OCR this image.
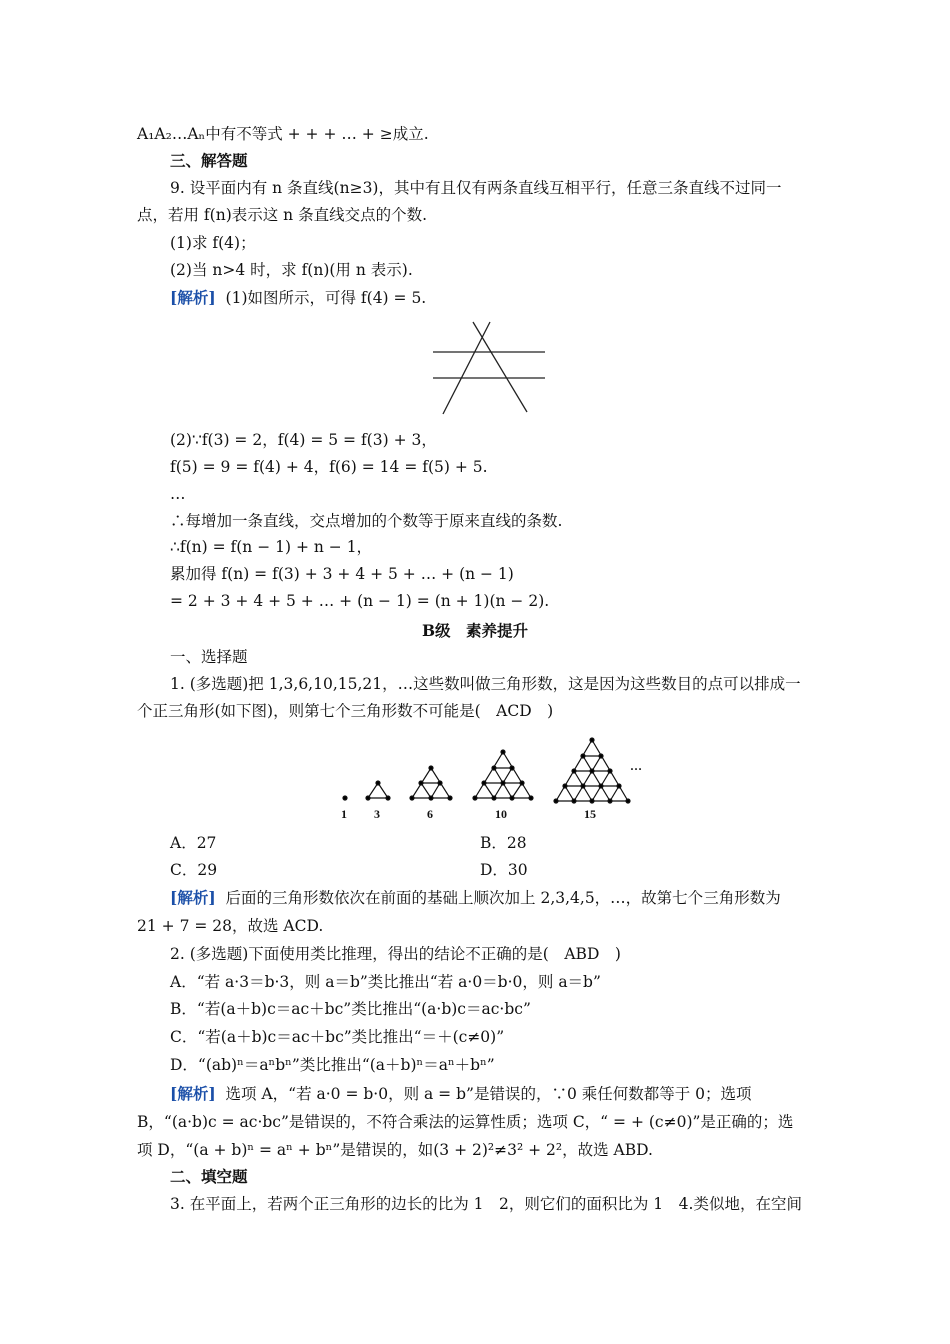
A₁A₂…Aₙ中有不等式 + + + … + ≥成立.
三、解答题
9. 设平面内有 n 条直线(n≥3)，其中有且仅有两条直线互相平行，任意三条直线不过同一
点，若用 f(n)表示这 n 条直线交点的个数.
(1)求 f(4)；
(2)当 n>4 时，求 f(n)(用 n 表示).
[解析] (1)如图所示，可得 f(4) = 5.
(2)∵f(3) = 2，f(4) = 5 = f(3) + 3，
f(5) = 9 = f(4) + 4，f(6) = 14 = f(5) + 5.
…
∴每增加一条直线，交点增加的个数等于原来直线的条数.
∴f(n) = f(n − 1) + n − 1，
累加得 f(n) = f(3) + 3 + 4 + 5 + … + (n − 1)
= 2 + 3 + 4 + 5 + … + (n − 1) = (n + 1)(n − 2).
B级　素养提升
一、选择题
1. (多选题)把 1,3,6,10,15,21，…这些数叫做三角形数，这是因为这些数目的点可以排成一
个正三角形(如下图)，则第七个三角形数不可能是(　ACD　)
1 3	6	10	15
…
A．27	B．28
C．29	D．30
[解析] 后面的三角形数依次在前面的基础上顺次加上 2,3,4,5，…，故第七个三角形数为
21 + 7 = 28，故选 ACD.
2. (多选题)下面使用类比推理，得出的结论不正确的是(　ABD　)
A．“若 a·3＝b·3，则 a＝b”类比推出“若 a·0＝b·0，则 a＝b”
B．“若(a＋b)c＝ac＋bc”类比推出“(a·b)c＝ac·bc”
C．“若(a＋b)c＝ac＋bc”类比推出“＝＋(c≠0)”
D．“(ab)ⁿ＝aⁿbⁿ”类比推出“(a＋b)ⁿ＝aⁿ＋bⁿ”
[解析] 选项 A，“若 a·0 = b·0，则 a = b”是错误的，∵0 乘任何数都等于 0；选项
B，“(a·b)c = ac·bc”是错误的，不符合乘法的运算性质；选项 C，“ = + (c≠0)”是正确的；选
项 D，“(a + b)ⁿ = aⁿ + bⁿ”是错误的，如(3 + 2)²≠3² + 2²，故选 ABD.
二、填空题
3. 在平面上，若两个正三角形的边长的比为 1　2，则它们的面积比为 1　4.类似地，在空间
